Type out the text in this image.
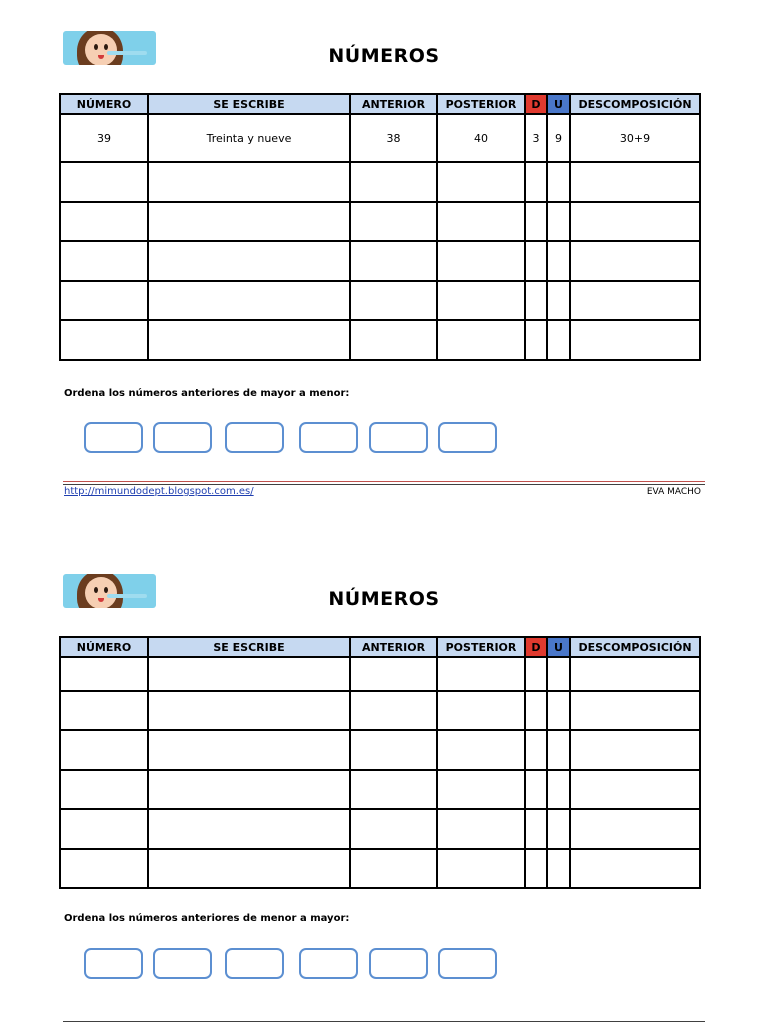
NÚMEROS
NÚMERO	SE ESCRIBE	ANTERIOR	POSTERIOR	D	U	DESCOMPOSICIÓN
39	Treinta y nueve	38	40	3	9	30+9

Ordena los números anteriores de mayor a menor:
http://mimundodept.blogspot.com.es/	EVA MACHO
NÚMEROS
NÚMERO	SE ESCRIBE	ANTERIOR	POSTERIOR	D	U	DESCOMPOSICIÓN

Ordena los números anteriores de menor a mayor:
